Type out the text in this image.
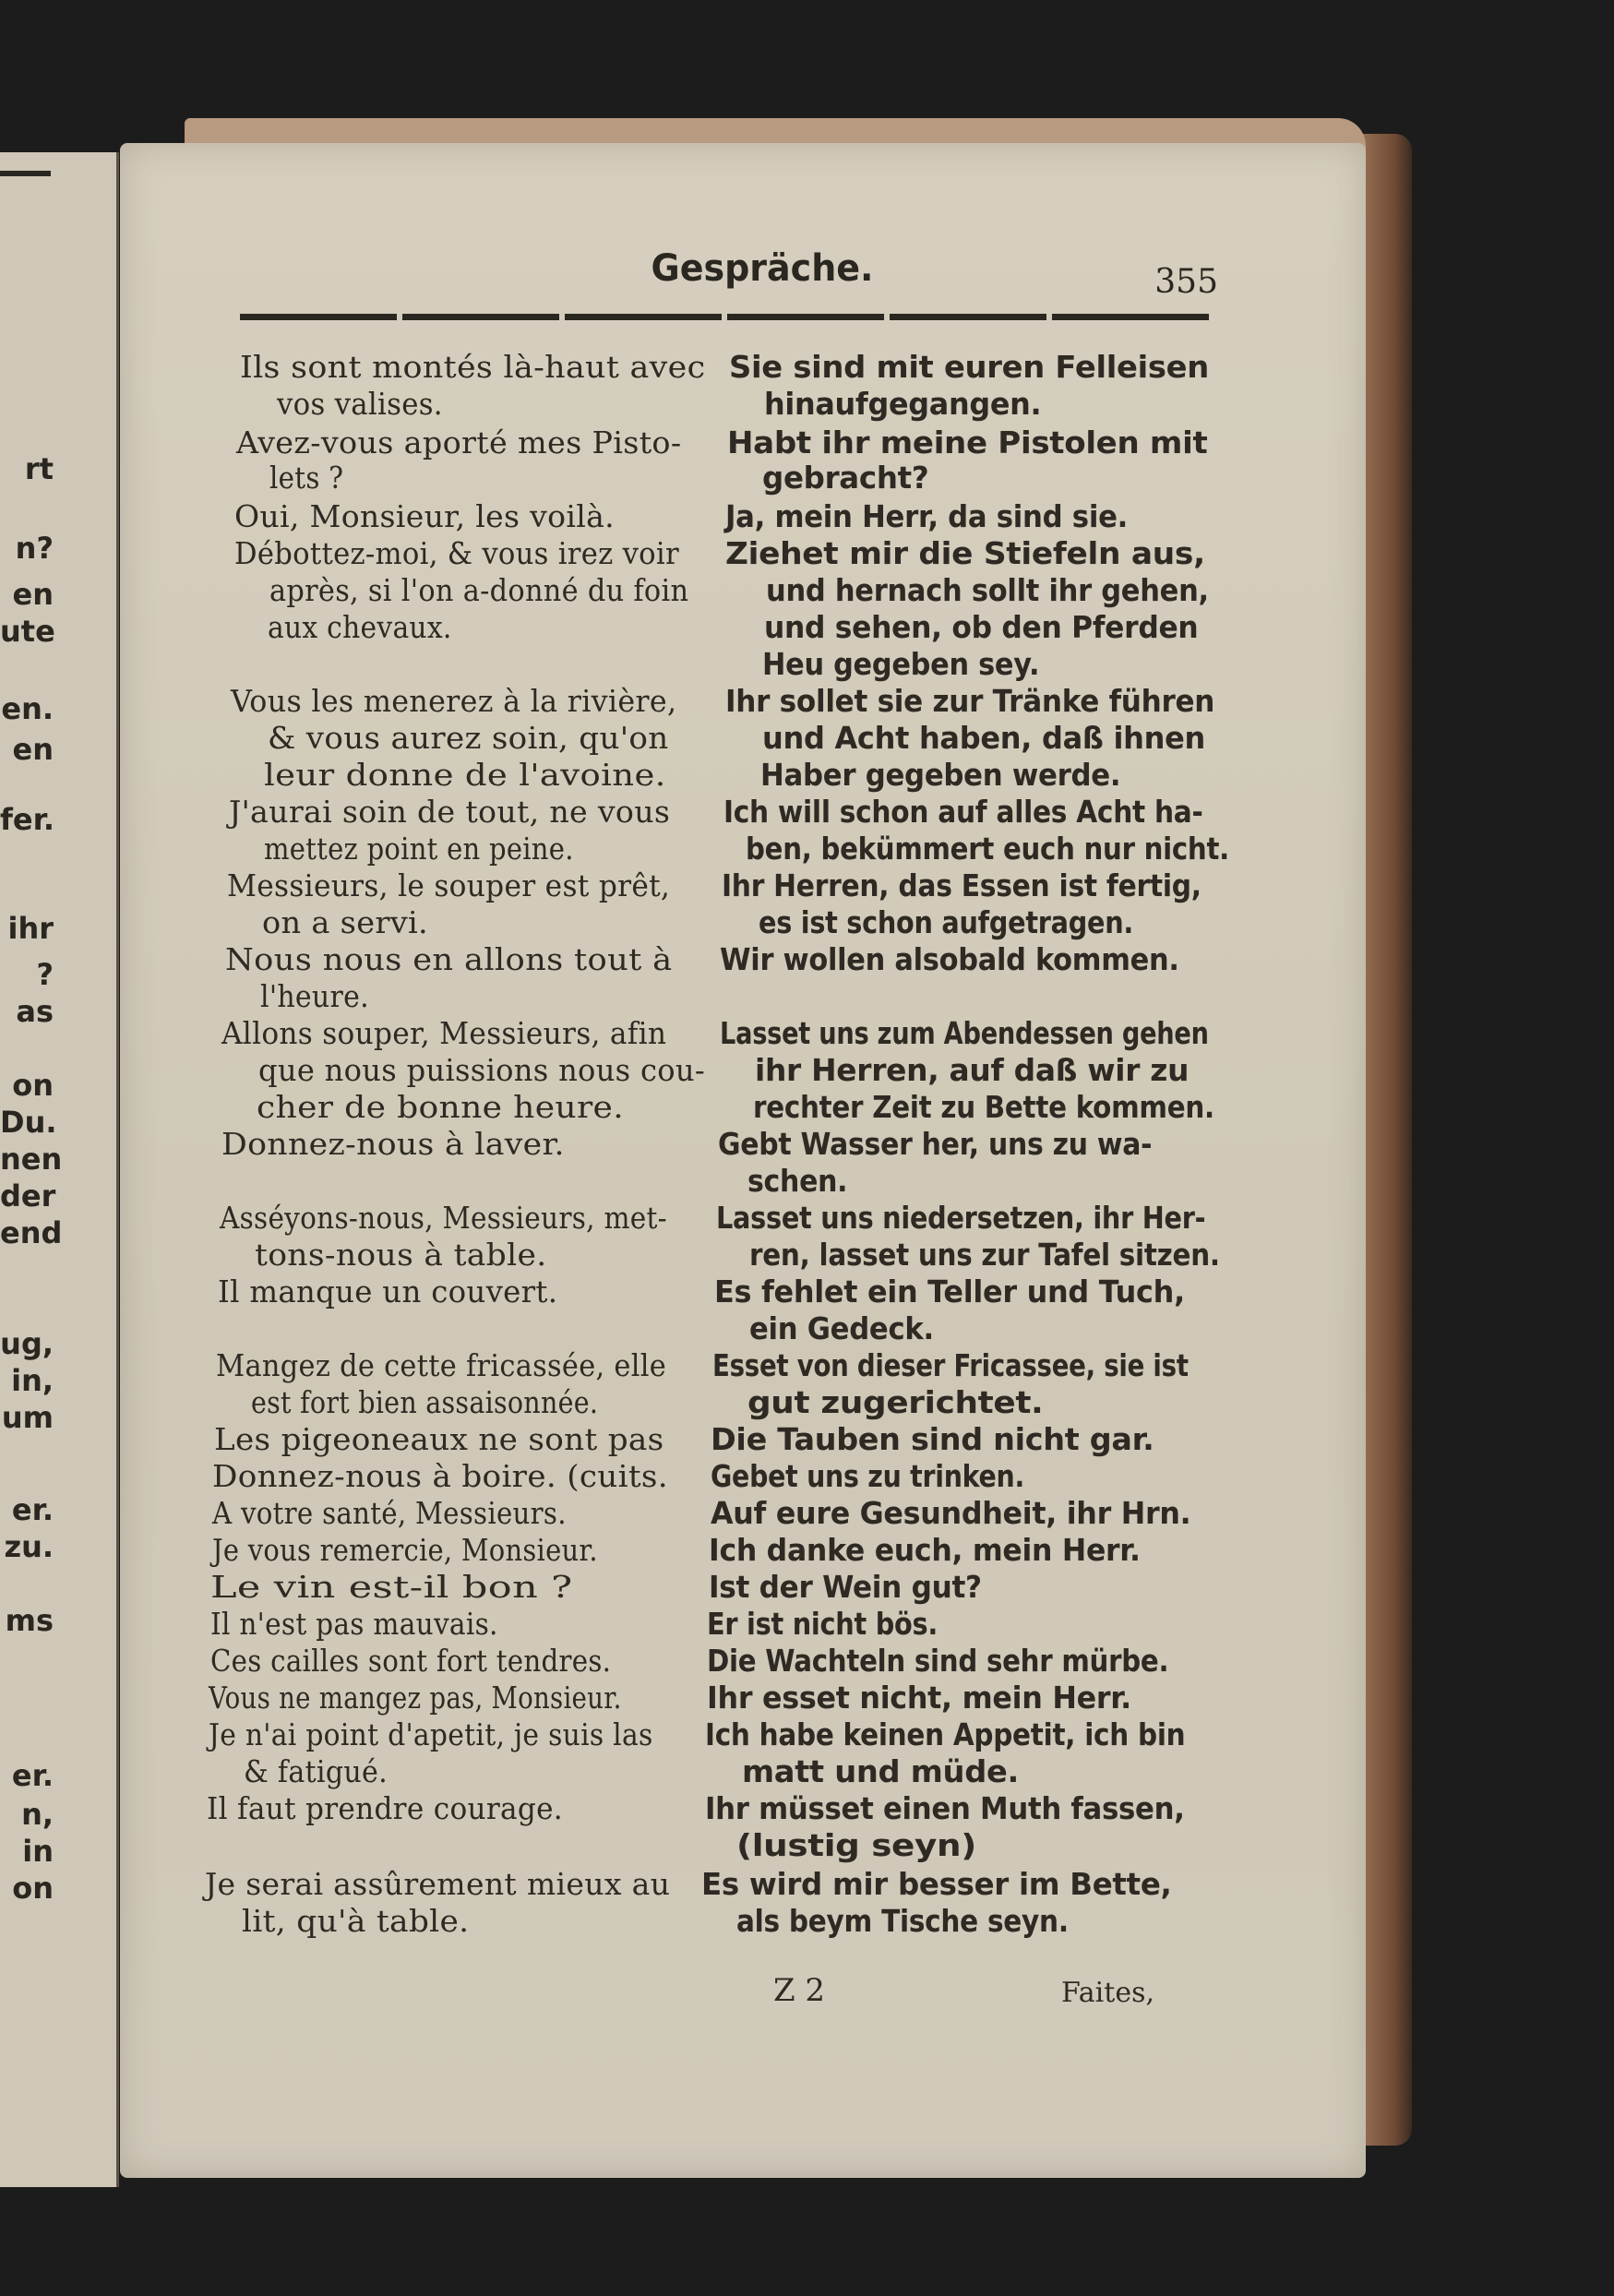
rt
n?
en
ute
en.
en
fer.
ihr
?
as
on
Du.
nen
der
end
ug,
in,
um
er.
zu.
ms
er.
n,
in
on
Gespräche.	355
Ils sont montés là-haut avec
vos valises.
Avez-vous aporté mes Pisto-
lets ?
Oui, Monsieur, les voilà.
Débottez-moi, & vous irez voir
après, si l'on a-donné du foin
aux chevaux.
Vous les menerez à la rivière,
& vous aurez soin, qu'on
leur donne de l'avoine.
J'aurai soin de tout, ne vous
mettez point en peine.
Messieurs, le souper est prêt,
on a servi.
Nous nous en allons tout à
l'heure.
Allons souper, Messieurs, afin
que nous puissions nous cou-
cher de bonne heure.
Donnez-nous à laver.
Asséyons-nous, Messieurs, met-
tons-nous à table.
Il manque un couvert.
Mangez de cette fricassée, elle
est fort bien assaisonnée.
Les pigeoneaux ne sont pas
Donnez-nous à boire. (cuits.
A votre santé, Messieurs.
Je vous remercie, Monsieur.
Le vin est-il bon ?
Il n'est pas mauvais.
Ces cailles sont fort tendres.
Vous ne mangez pas, Monsieur.
Je n'ai point d'apetit, je suis las
& fatigué.
Il faut prendre courage.
Je serai assûrement mieux au
lit, qu'à table.
Sie sind mit euren Felleisen
hinaufgegangen.
Habt ihr meine Pistolen mit
gebracht?
Ja, mein Herr, da sind sie.
Ziehet mir die Stiefeln aus,
und hernach sollt ihr gehen,
und sehen, ob den Pferden
Heu gegeben sey.
Ihr sollet sie zur Tränke führen
und Acht haben, daß ihnen
Haber gegeben werde.
Ich will schon auf alles Acht ha-
ben, bekümmert euch nur nicht.
Ihr Herren, das Essen ist fertig,
es ist schon aufgetragen.
Wir wollen alsobald kommen.
Lasset uns zum Abendessen gehen
ihr Herren, auf daß wir zu
rechter Zeit zu Bette kommen.
Gebt Wasser her, uns zu wa-
schen.
Lasset uns niedersetzen, ihr Her-
ren, lasset uns zur Tafel sitzen.
Es fehlet ein Teller und Tuch,
ein Gedeck.
Esset von dieser Fricassee, sie ist
gut zugerichtet.
Die Tauben sind nicht gar.
Gebet uns zu trinken.
Auf eure Gesundheit, ihr Hrn.
Ich danke euch, mein Herr.
Ist der Wein gut?
Er ist nicht bös.
Die Wachteln sind sehr mürbe.
Ihr esset nicht, mein Herr.
Ich habe keinen Appetit, ich bin
matt und müde.
Ihr müsset einen Muth fassen,
(lustig seyn)
Es wird mir besser im Bette,
als beym Tische seyn.
Z 2	Faites,
